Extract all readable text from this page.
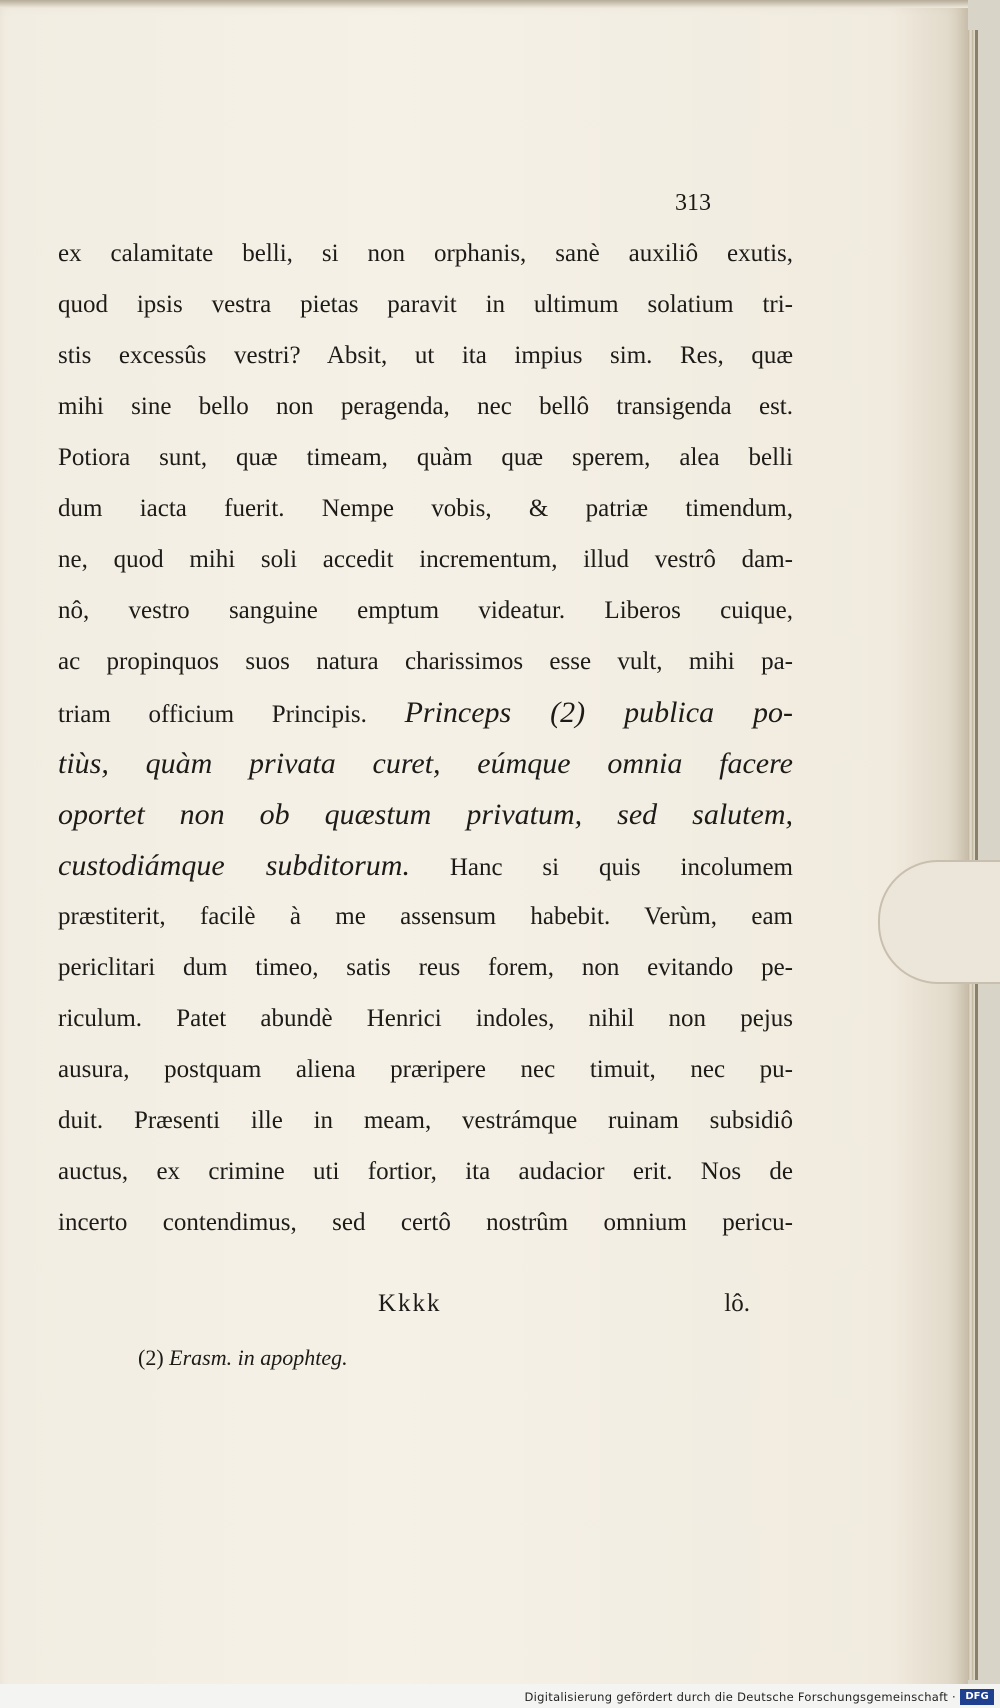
313
ex calamitate belli, si non orphanis, sanè auxiliô exutis,
quod ipsis vestra pietas paravit in ultimum solatium tri-
stis excessûs vestri? Absit, ut ita impius sim. Res, quæ
mihi sine bello non peragenda, nec bellô transigenda est.
Potiora sunt, quæ timeam, quàm quæ sperem, alea belli
dum iacta fuerit. Nempe vobis, & patriæ timendum,
ne, quod mihi soli accedit incrementum, illud vestrô dam-
nô, vestro sanguine emptum videatur. Liberos cuique,
ac propinquos suos natura charissimos esse vult, mihi pa-
triam officium Principis. Princeps (2) publica po-
tiùs, quàm privata curet, eúmque omnia facere
oportet non ob quæstum privatum, sed salutem,
custodiámque subditorum. Hanc si quis incolumem
præstiterit, facilè à me assensum habebit. Verùm, eam
periclitari dum timeo, satis reus forem, non evitando pe-
riculum. Patet abundè Henrici indoles, nihil non pejus
ausura, postquam aliena præripere nec timuit, nec pu-
duit. Præsenti ille in meam, vestrámque ruinam subsidiô
auctus, ex crimine uti fortior, ita audacior erit. Nos de
incerto contendimus, sed certô nostrûm omnium pericu-
Kkkk	lô.
(2) Erasm. in apophteg.
Digitalisierung gefördert durch die Deutsche Forschungsgemeinschaft · DFG
